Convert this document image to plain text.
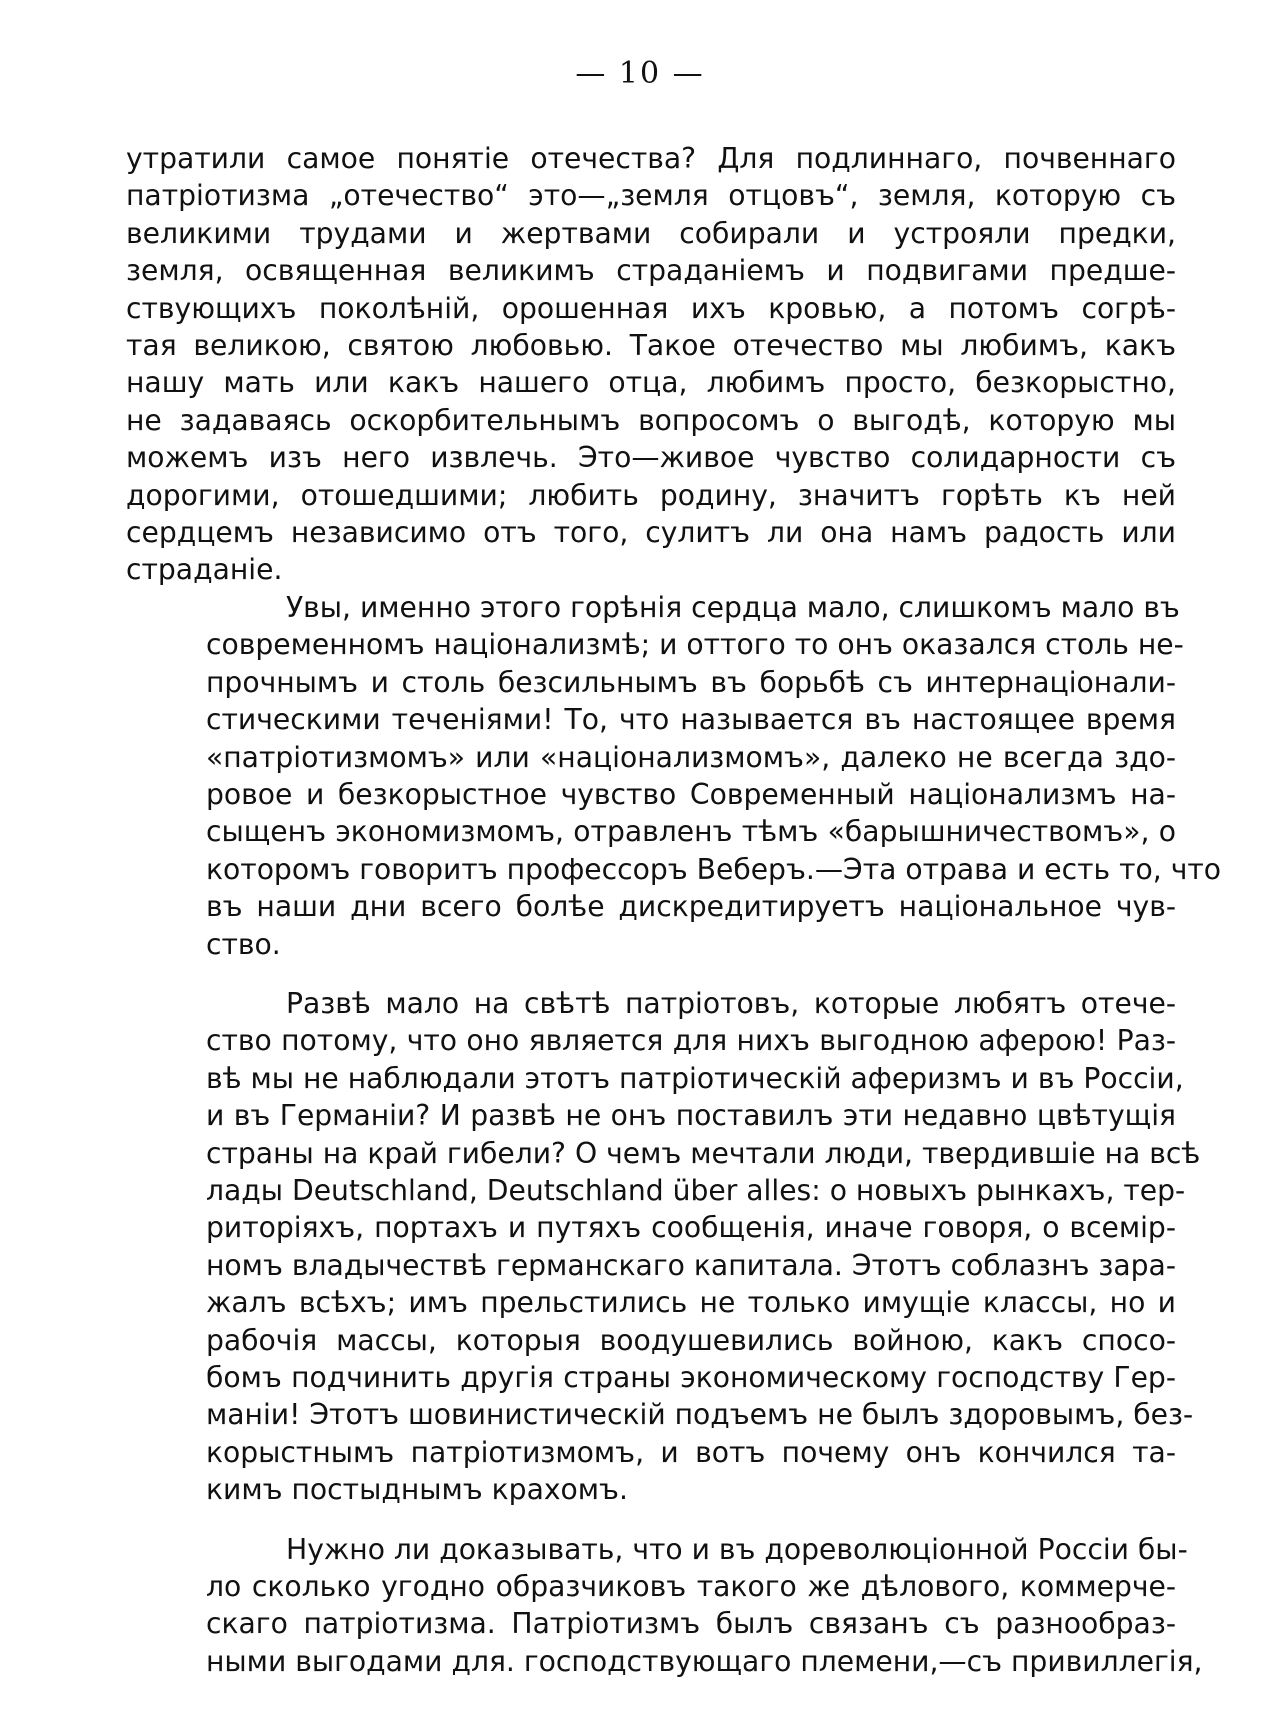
— 10 —
утратили самое понятіе отечества? Для подлиннаго, почвеннаго
патріотизма „отечество“ это—„земля отцовъ“, земля, которую съ
великими трудами и жертвами собирали и устрояли предки,
земля, освященная великимъ страданіемъ и подвигами предше-
ствующихъ поколѣній, орошенная ихъ кровью, а потомъ согрѣ-
тая великою, святою любовью. Такое отечество мы любимъ, какъ
нашу мать или какъ нашего отца, любимъ просто, безкорыстно,
не задаваясь оскорбительнымъ вопросомъ о выгодѣ, которую мы
можемъ изъ него извлечь. Это—живое чувство солидарности съ
дорогими, отошедшими; любить родину, значитъ горѣть къ ней
сердцемъ независимо отъ того, сулитъ ли она намъ радость или
страданіе.
Увы, именно этого горѣнія сердца мало, слишкомъ мало въ
современномъ націонализмѣ; и оттого то онъ оказался столь не-
прочнымъ и столь безсильнымъ въ борьбѣ съ интернаціонали-
стическими теченіями! То, что называется въ настоящее время
«патріотизмомъ» или «націонализмомъ», далеко не всегда здо-
ровое и безкорыстное чувство Современный націонализмъ на-
сыщенъ экономизмомъ, отравленъ тѣмъ «барышничествомъ», о
которомъ говоритъ профессоръ Веберъ.—Эта отрава и есть то, что
въ наши дни всего болѣе дискредитируетъ національное чув-
ство.
Развѣ мало на свѣтѣ патріотовъ, которые любятъ отече-
ство потому, что оно является для нихъ выгодною аферою! Раз-
вѣ мы не наблюдали этотъ патріотическій аферизмъ и въ Россіи,
и въ Германіи? И развѣ не онъ поставилъ эти недавно цвѣтущія
страны на край гибели? О чемъ мечтали люди, твердившіе на всѣ
лады Deutschland, Deutschland über alles: о новыхъ рынкахъ, тер-
риторіяхъ, портахъ и путяхъ сообщенія, иначе говоря, о всемір-
номъ владычествѣ германскаго капитала. Этотъ соблазнъ зара-
жалъ всѣхъ; имъ прельстились не только имущіе классы, но и
рабочія массы, которыя воодушевились войною, какъ спосо-
бомъ подчинить другія страны экономическому господству Гер-
маніи! Этотъ шовинистическій подъемъ не былъ здоровымъ, без-
корыстнымъ патріотизмомъ, и вотъ почему онъ кончился та-
кимъ постыднымъ крахомъ.
Нужно ли доказывать, что и въ дореволюціонной Россіи бы-
ло сколько угодно образчиковъ такого же дѣлового, коммерче-
скаго патріотизма. Патріотизмъ былъ связанъ съ разнообраз-
ными выгодами для. господствующаго племени,—съ привиллегія,
